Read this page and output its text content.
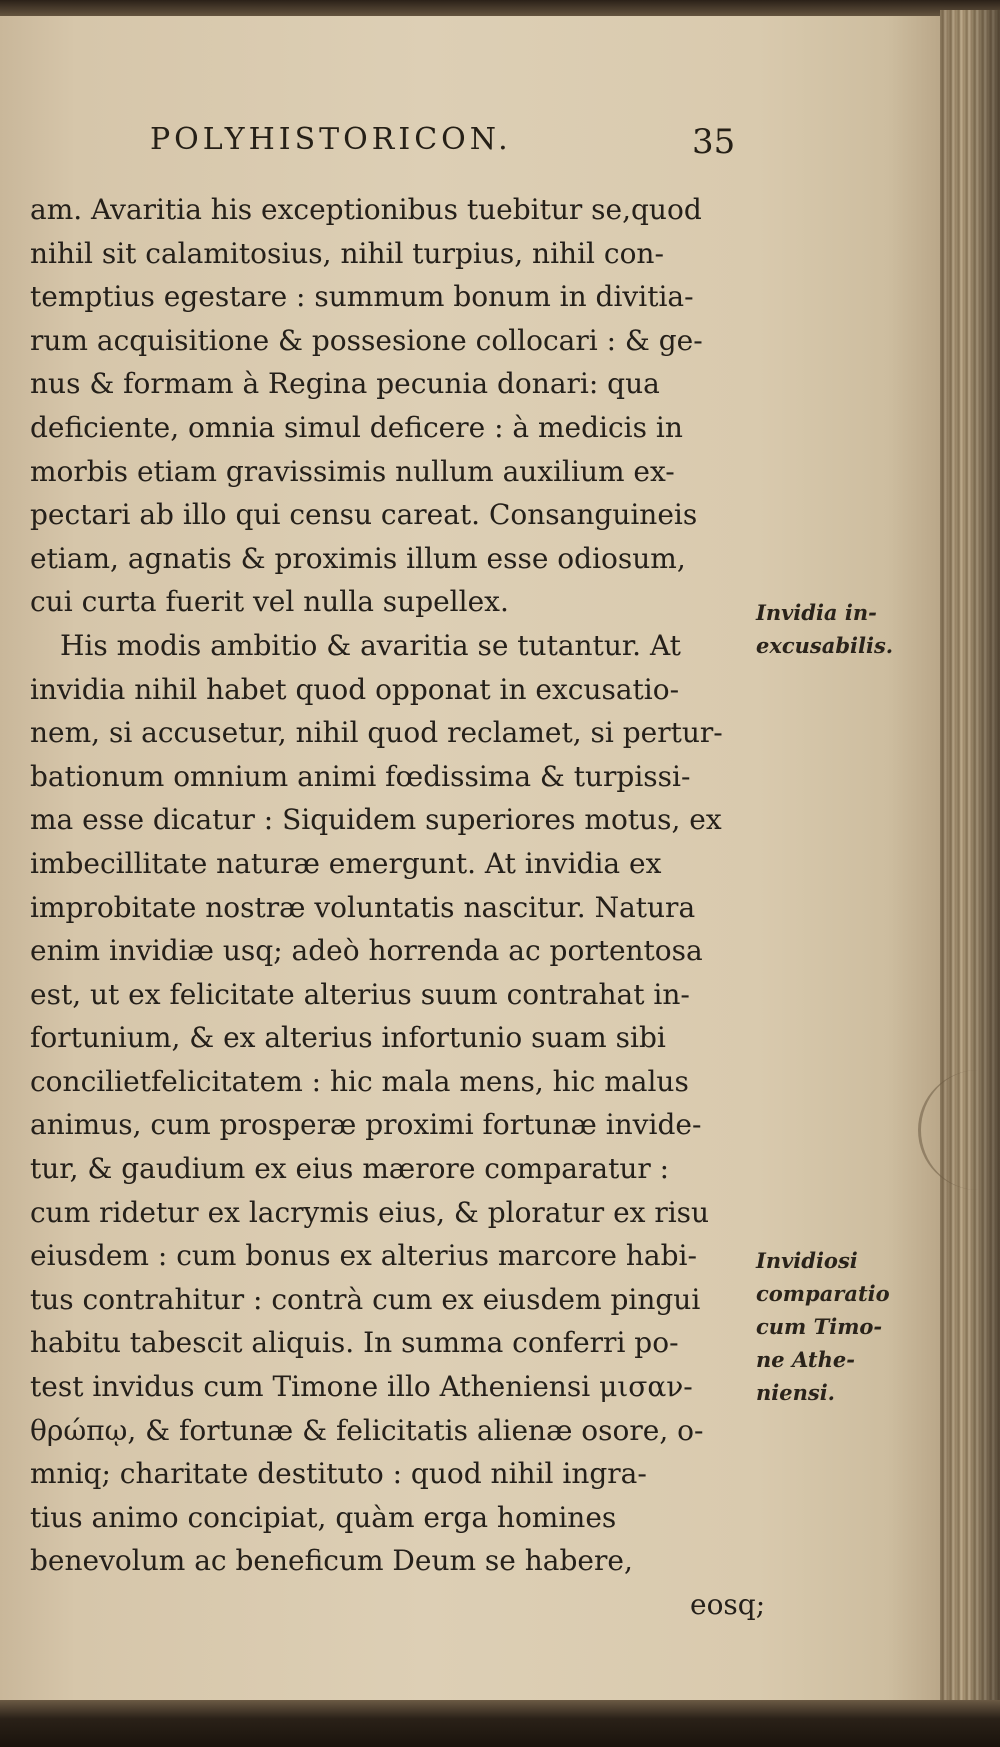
POLYHISTORICON.	35
am. Avaritia his exceptionibus tuebitur se,quod
nihil sit calamitosius, nihil turpius, nihil con-
temptius egestare : summum bonum in divitia-
rum acquisitione & possesione collocari : & ge-
nus & formam à Regina pecunia donari: qua
deficiente, omnia simul deficere : à medicis in
morbis etiam gravissimis nullum auxilium ex-
pectari ab illo qui censu careat. Consanguineis
etiam, agnatis & proximis illum esse odiosum,
cui curta fuerit vel nulla supellex.
His modis ambitio & avaritia se tutantur. At
invidia nihil habet quod opponat in excusatio-
nem, si accusetur, nihil quod reclamet, si pertur-
bationum omnium animi fœdissima & turpissi-
ma esse dicatur : Siquidem superiores motus, ex
imbecillitate naturæ emergunt. At invidia ex
improbitate nostræ voluntatis nascitur. Natura
enim invidiæ usq; adeò horrenda ac portentosa
est, ut ex felicitate alterius suum contrahat in-
fortunium, & ex alterius infortunio suam sibi
concilietfelicitatem : hic mala mens, hic malus
animus, cum prosperæ proximi fortunæ invide-
tur, & gaudium ex eius mærore comparatur :
cum ridetur ex lacrymis eius, & ploratur ex risu
eiusdem : cum bonus ex alterius marcore habi-
tus contrahitur : contrà cum ex eiusdem pingui
habitu tabescit aliquis. In summa conferri po-
test invidus cum Timone illo Atheniensi μισαν-
θρώπῳ, & fortunæ & felicitatis alienæ osore, o-
mniq; charitate destituto : quod nihil ingra-
tius animo concipiat, quàm erga homines
benevolum ac beneficum Deum se habere,
eosq;
Invidia in-
excusabilis.
Invidiosi
comparatio
cum Timo-
ne Athe-
niensi.
